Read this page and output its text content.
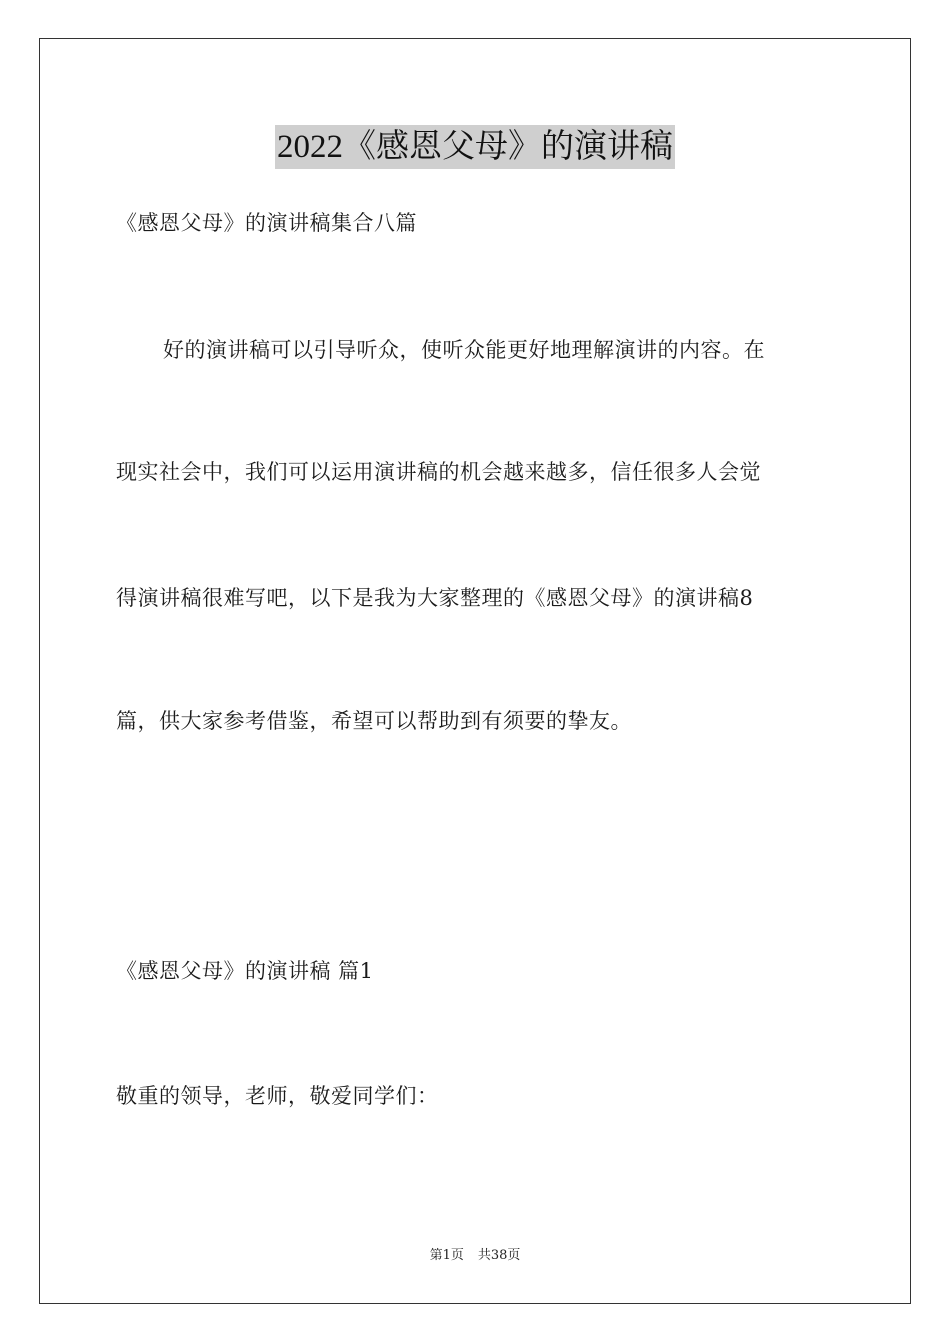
2022《感恩父母》的演讲稿
《感恩父母》的演讲稿集合八篇
好的演讲稿可以引导听众，使听众能更好地理解演讲的内容。在
现实社会中，我们可以运用演讲稿的机会越来越多，信任很多人会觉
得演讲稿很难写吧，以下是我为大家整理的《感恩父母》的演讲稿8
篇，供大家参考借鉴，希望可以帮助到有须要的挚友。
《感恩父母》的演讲稿 篇1
敬重的领导，老师，敬爱同学们：
第1页 共38页
